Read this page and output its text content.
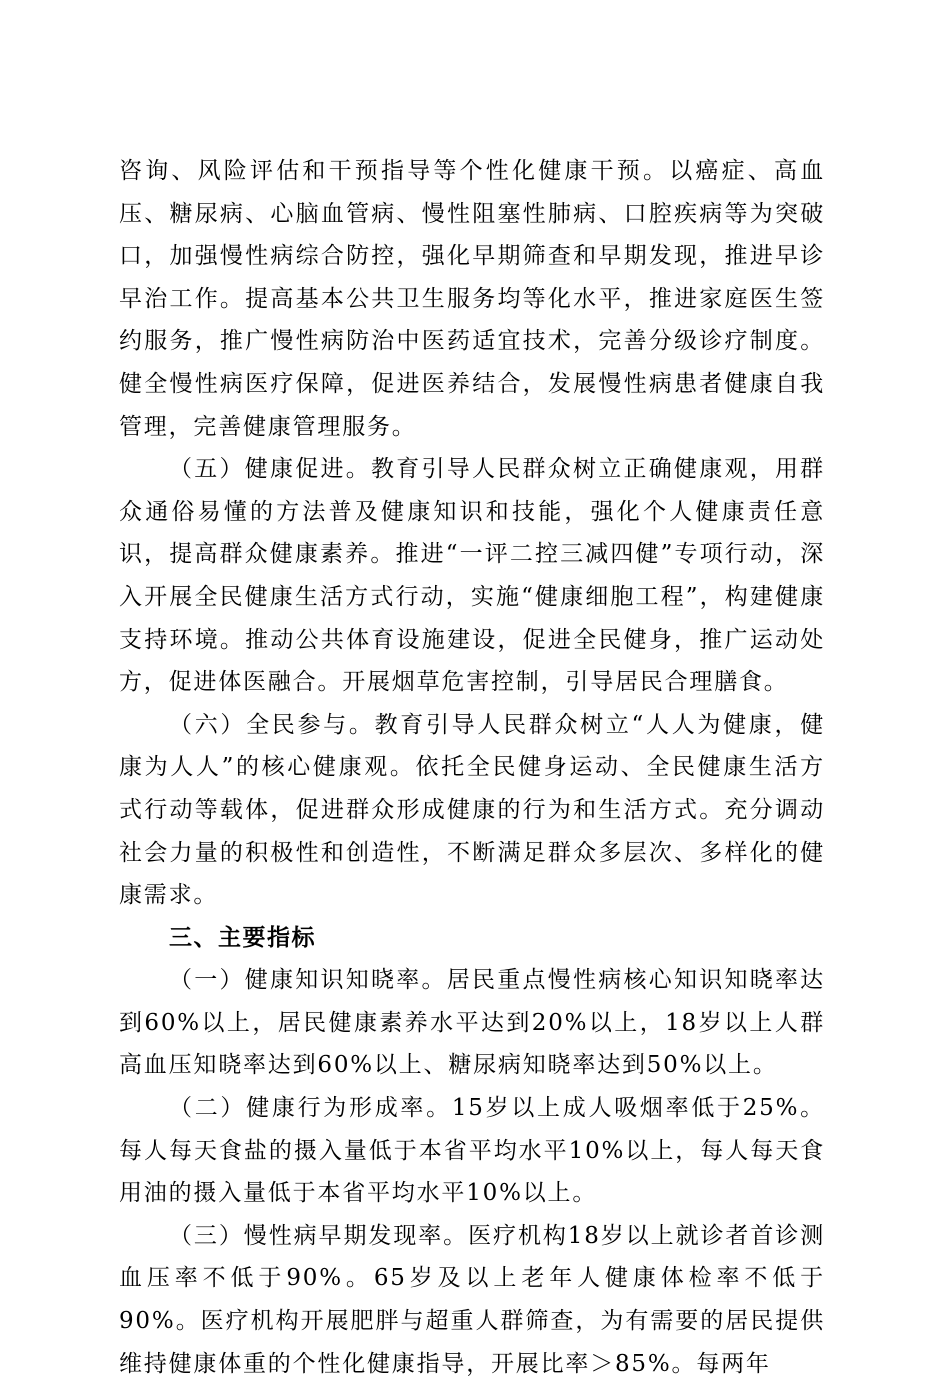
咨询、风险评估和干预指导等个性化健康干预。以癌症、高血压、糖尿病、心脑血管病、慢性阻塞性肺病、口腔疾病等为突破口，加强慢性病综合防控，强化早期筛查和早期发现，推进早诊早治工作。提高基本公共卫生服务均等化水平，推进家庭医生签约服务，推广慢性病防治中医药适宜技术，完善分级诊疗制度。健全慢性病医疗保障，促进医养结合，发展慢性病患者健康自我管理，完善健康管理服务。

（五）健康促进。教育引导人民群众树立正确健康观，用群众通俗易懂的方法普及健康知识和技能，强化个人健康责任意识，提高群众健康素养。推进“一评二控三减四健”专项行动，深入开展全民健康生活方式行动，实施“健康细胞工程”，构建健康支持环境。推动公共体育设施建设，促进全民健身，推广运动处方，促进体医融合。开展烟草危害控制，引导居民合理膳食。

（六）全民参与。教育引导人民群众树立“人人为健康，健康为人人”的核心健康观。依托全民健身运动、全民健康生活方式行动等载体，促进群众形成健康的行为和生活方式。充分调动社会力量的积极性和创造性，不断满足群众多层次、多样化的健康需求。

三、主要指标

（一）健康知识知晓率。居民重点慢性病核心知识知晓率达到60%以上，居民健康素养水平达到20%以上，18岁以上人群高血压知晓率达到60%以上、糖尿病知晓率达到50%以上。

（二）健康行为形成率。15岁以上成人吸烟率低于25%。每人每天食盐的摄入量低于本省平均水平10%以上，每人每天食用油的摄入量低于本省平均水平10%以上。

（三）慢性病早期发现率。医疗机构18岁以上就诊者首诊测血压率不低于90%。65岁及以上老年人健康体检率不低于90%。医疗机构开展肥胖与超重人群筛查，为有需要的居民提供维持健康体重的个性化健康指导，开展比率＞85%。每两年
